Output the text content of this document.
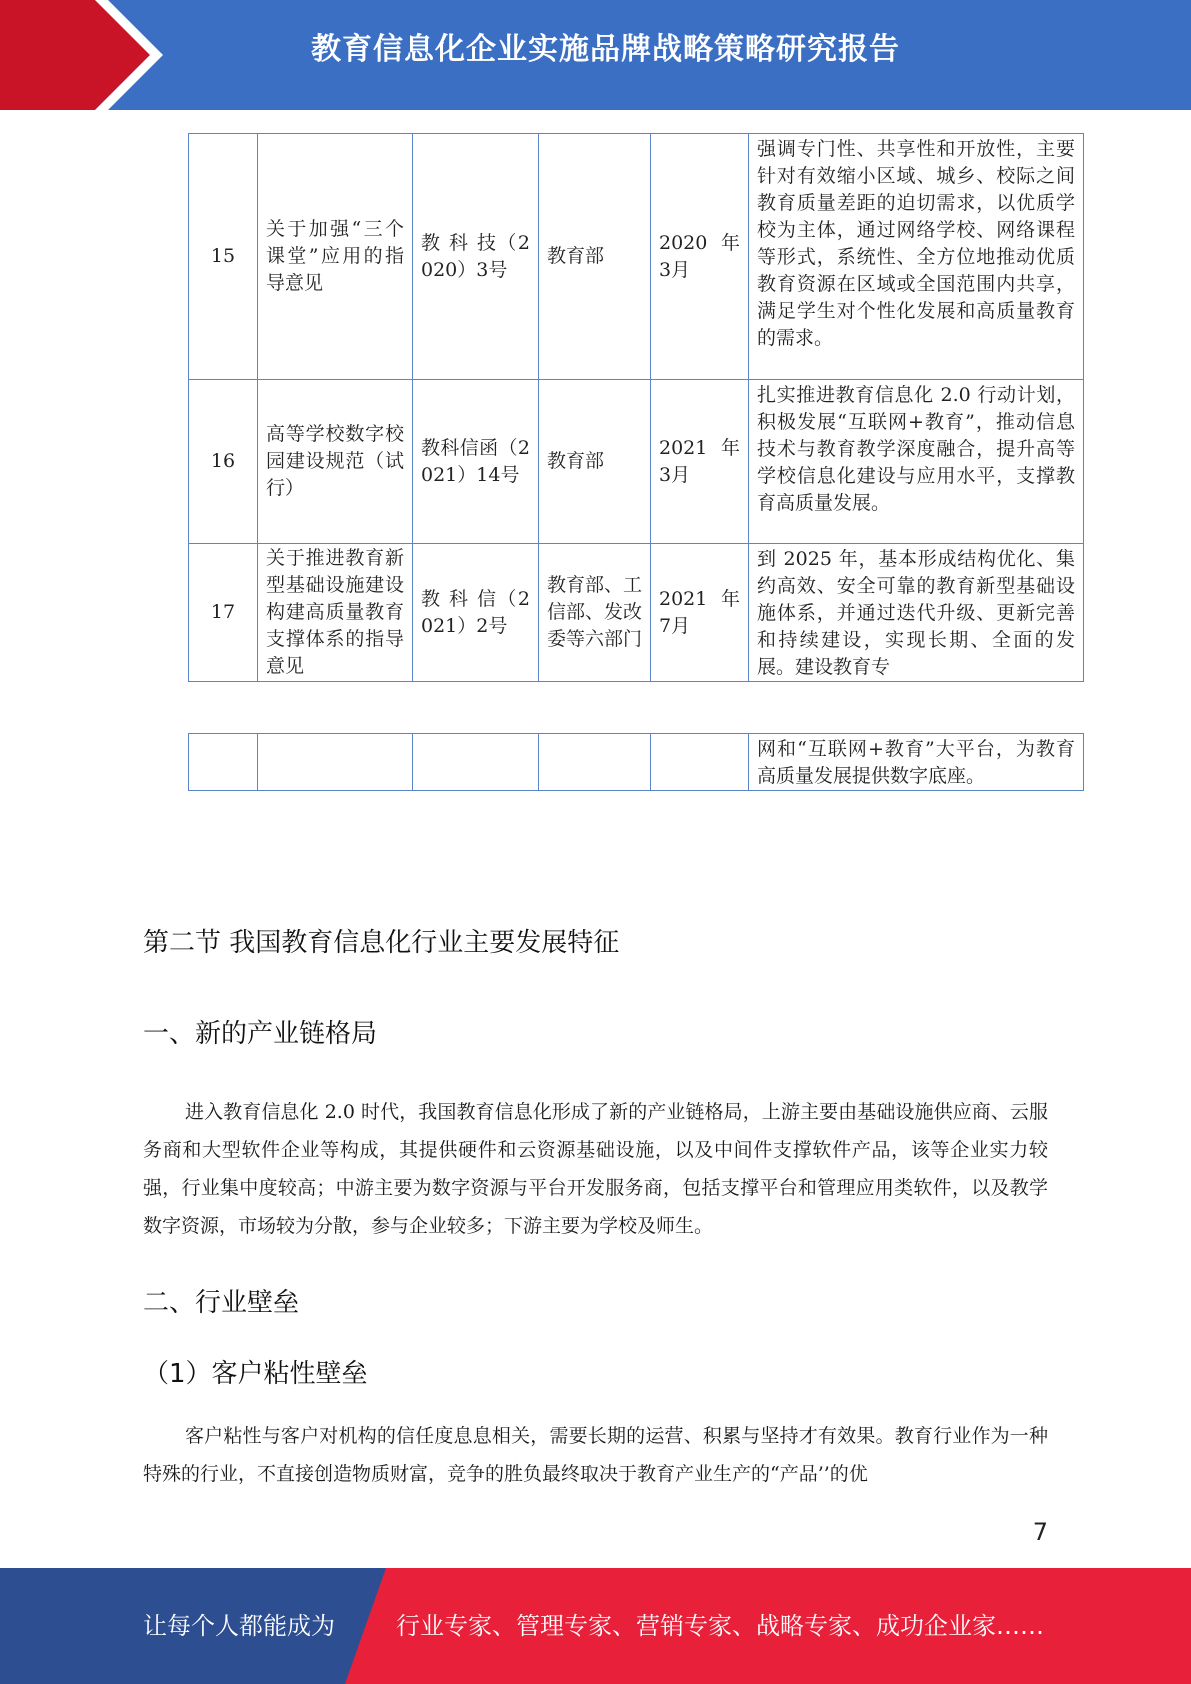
教育信息化企业实施品牌战略策略研究报告
15	关于加强“三个课堂”应用的指导意见	教 科 技（2020）3号	教育部	2020 年3月	强调专门性、共享性和开放性，主要针对有效缩小区域、城乡、校际之间教育质量差距的迫切需求，以优质学校为主体，通过网络学校、网络课程等形式，系统性、全方位地推动优质教育资源在区域或全国范围内共享，满足学生对个性化发展和高质量教育的需求。
16	高等学校数字校园建设规范（试行）	教科信函（2021）14号	教育部	2021 年3月	扎实推进教育信息化 2.0 行动计划，积极发展“互联网+教育”，推动信息技术与教育教学深度融合，提升高等学校信息化建设与应用水平，支撑教育高质量发展。
17	关于推进教育新型基础设施建设构建高质量教育支撑体系的指导意见	教 科 信（2021）2号	教育部、工信部、发改委等六部门	2021 年7月	到 2025 年，基本形成结构优化、集约高效、安全可靠的教育新型基础设施体系，并通过迭代升级、更新完善和持续建设，实现长期、全面的发展。建设教育专
					网和“互联网+教育”大平台，为教育高质量发展提供数字底座。
第二节 我国教育信息化行业主要发展特征
一、新的产业链格局

进入教育信息化 2.0 时代，我国教育信息化形成了新的产业链格局，上游主要由基础设施供应商、云服务商和大型软件企业等构成，其提供硬件和云资源基础设施，以及中间件支撑软件产品，该等企业实力较强，行业集中度较高；中游主要为数字资源与平台开发服务商，包括支撑平台和管理应用类软件，以及教学数字资源，市场较为分散，参与企业较多；下游主要为学校及师生。

二、行业壁垒
（1）客户粘性壁垒

客户粘性与客户对机构的信任度息息相关，需要长期的运营、积累与坚持才有效果。教育行业作为一种特殊的行业，不直接创造物质财富，竞争的胜负最终取决于教育产业生产的“产品’’的优

7
让每个人都能成为	行业专家、管理专家、营销专家、战略专家、成功企业家……
